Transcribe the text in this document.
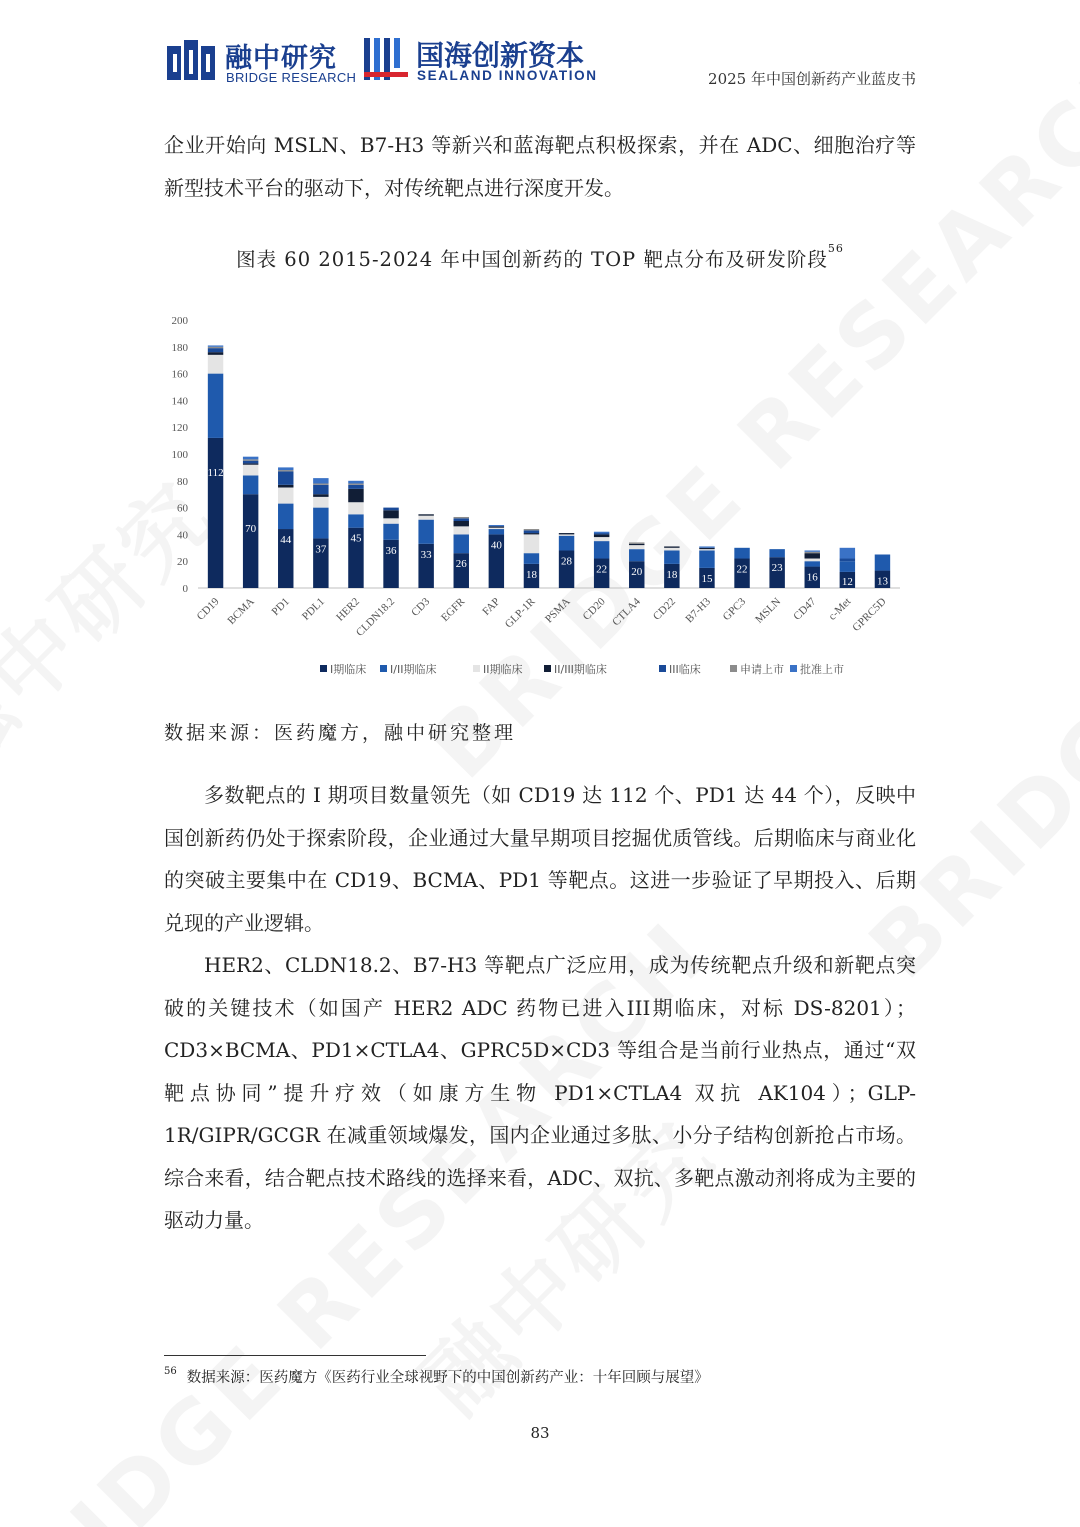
融中研究
BRIDGE RESEARCH
国海创新资本
SEALAND INNOVATION	2025 年中国创新药产业蓝皮书
企业开始向 MSLN、B7-H3 等新兴和蓝海靶点积极探索，并在 ADC、细胞治疗等新型技术平台的驱动下，对传统靶点进行深度开发。
图表 60 2015-2024 年中国创新药的 TOP 靶点分布及研发阶段$^{56}$
0
20
40
60
80
100
120
140
160
180
200
112
CD19
70
BCMA
44
PD1
37
PDL1
45
HER2
36
CLDN18.2
33
CD3
26
EGFR
40
FAP
18
GLP-1R
28
PSMA
22
CD20
20
CTLA4
18
CD22
15
B7-H3
22
GPC3
23
MSLN
16
CD47
12
c-Met
13
GPRC5D
I期临床 I/II期临床	II期临床	II/III期临床	III临床	申请上市 批准上市
数据来源：医药魔方，融中研究整理
多数靶点的 I 期项目数量领先（如 CD19 达 112 个、PD1 达 44 个），反映中国创新药仍处于探索阶段，企业通过大量早期项目挖掘优质管线。后期临床与商业化的突破主要集中在 CD19、BCMA、PD1 等靶点。这进一步验证了早期投入、后期兑现的产业逻辑。
HER2、CLDN18.2、B7-H3 等靶点广泛应用，成为传统靶点升级和新靶点突破的关键技术（如国产 HER2 ADC 药物已进入III期临床，对标 DS-8201）；CD3×BCMA、PD1×CTLA4、GPRC5D×CD3 等组合是当前行业热点，通过“双靶点协同”提升疗效（如康方生物 PD1×CTLA4 双抗 AK104）；GLP-1R/GIPR/GCGR 在减重领域爆发，国内企业通过多肽、小分子结构创新抢占市场。综合来看，结合靶点技术路线的选择来看，ADC、双抗、多靶点激动剂将成为主要的驱动力量。
$^{56}$ 数据来源：医药魔方《医药行业全球视野下的中国创新药产业：十年回顾与展望》
83
